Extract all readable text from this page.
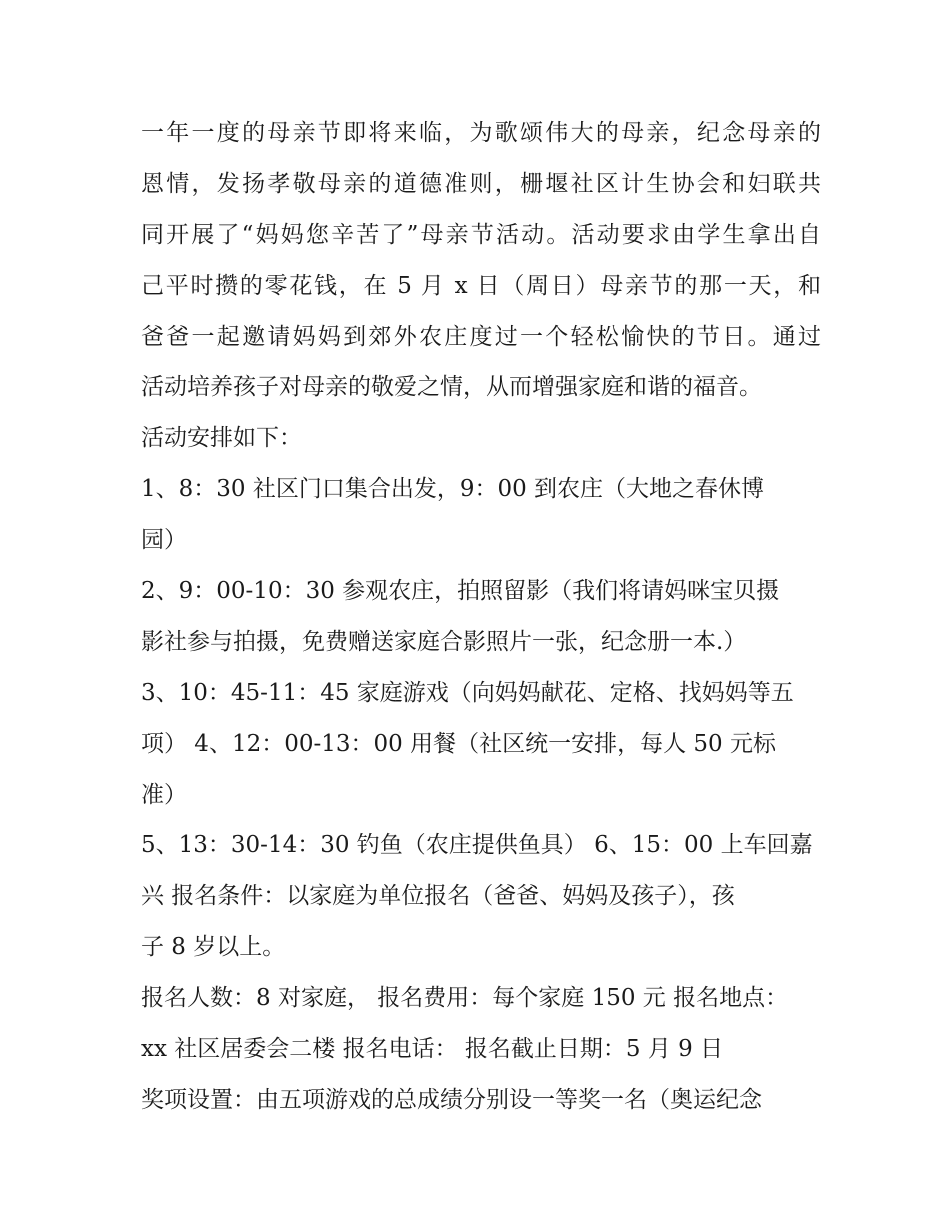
一年一度的母亲节即将来临，为歌颂伟大的母亲，纪念母亲的
恩情，发扬孝敬母亲的道德准则，栅堰社区计生协会和妇联共
同开展了“妈妈您辛苦了”母亲节活动。活动要求由学生拿出自
己平时攒的零花钱，在 5 月 x 日（周日）母亲节的那一天，和
爸爸一起邀请妈妈到郊外农庄度过一个轻松愉快的节日。通过
活动培养孩子对母亲的敬爱之情，从而增强家庭和谐的福音。
活动安排如下：
1、8：30 社区门口集合出发，9：00 到农庄（大地之春休博
园）
2、9：00-10：30 参观农庄，拍照留影（我们将请妈咪宝贝摄
影社参与拍摄，免费赠送家庭合影照片一张，纪念册一本.）
3、10：45-11：45 家庭游戏（向妈妈献花、定格、找妈妈等五
项） 4、12：00-13：00 用餐（社区统一安排，每人 50 元标
准）
5、13：30-14：30 钓鱼（农庄提供鱼具） 6、15：00 上车回嘉
兴 报名条件：以家庭为单位报名（爸爸、妈妈及孩子），孩
子 8 岁以上。
报名人数：8 对家庭， 报名费用：每个家庭 150 元 报名地点：
xx 社区居委会二楼 报名电话： 报名截止日期：5 月 9 日
奖项设置：由五项游戏的总成绩分别设一等奖一名（奥运纪念
